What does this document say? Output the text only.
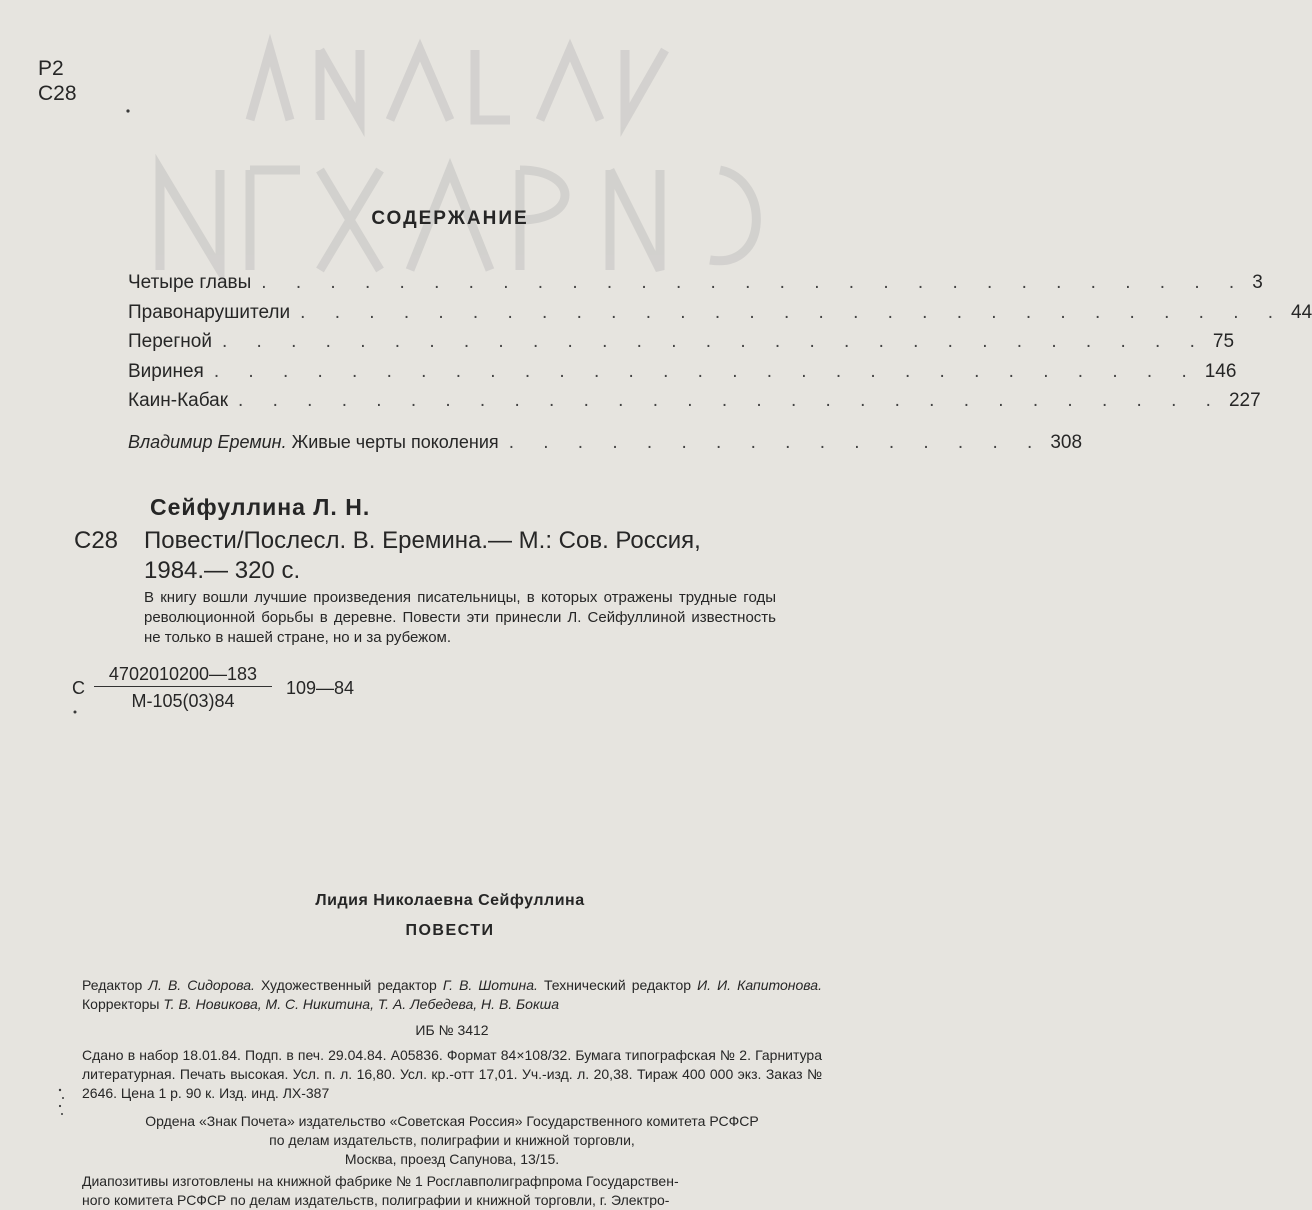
Р2
С28
СОДЕРЖАНИЕ
Четыре главы . . . . . . . . . . . . . . . . . . . . . . . . . . . . . 3
Правонарушители . . . . . . . . . . . . . . . . . . . . . . . . . . . . . 44
Перегной . . . . . . . . . . . . . . . . . . . . . . . . . . . . . 75
Виринея . . . . . . . . . . . . . . . . . . . . . . . . . . . . . 146
Каин-Кабак . . . . . . . . . . . . . . . . . . . . . . . . . . . . . 227
Владимир Еремин. Живые черты поколения . . . . . . . . . . . . . . . . 308
Сейфуллина Л. Н.
С28 Повести/Послесл. В. Еремина.— М.: Сов. Россия,
1984.— 320 с.
В книгу вошли лучшие произведения писательницы, в которых отражены трудные годы революционной борьбы в деревне. Повести эти принесли Л. Сейфуллиной известность не только в нашей стране, но и за рубежом.
С
4702010200—183
М-105(03)84
109—84
Лидия Николаевна Сейфуллина
ПОВЕСТИ
Редактор Л. В. Сидорова. Художественный редактор Г. В. Шотина. Технический редактор И. И. Капитонова. Корректоры Т. В. Новикова, М. С. Никитина, Т. А. Лебедева, Н. В. Бокша
ИБ № 3412
Сдано в набор 18.01.84. Подп. в печ. 29.04.84. А05836. Формат 84×108/32. Бумага типографская № 2. Гарнитура литературная. Печать высокая. Усл. п. л. 16,80. Усл. кр.-отт 17,01. Уч.-изд. л. 20,38. Тираж 400 000 экз. Заказ № 2646. Цена 1 р. 90 к. Изд. инд. ЛХ-387
Ордена «Знак Почета» издательство «Советская Россия» Государственного комитета РСФСР
по делам издательств, полиграфии и книжной торговли,
Москва, проезд Сапунова, 13/15.
Диапозитивы изготовлены на книжной фабрике № 1 Росглавполиграфпрома Государствен-
ного комитета РСФСР по делам издательств, полиграфии и книжной торговли, г. Электро-
